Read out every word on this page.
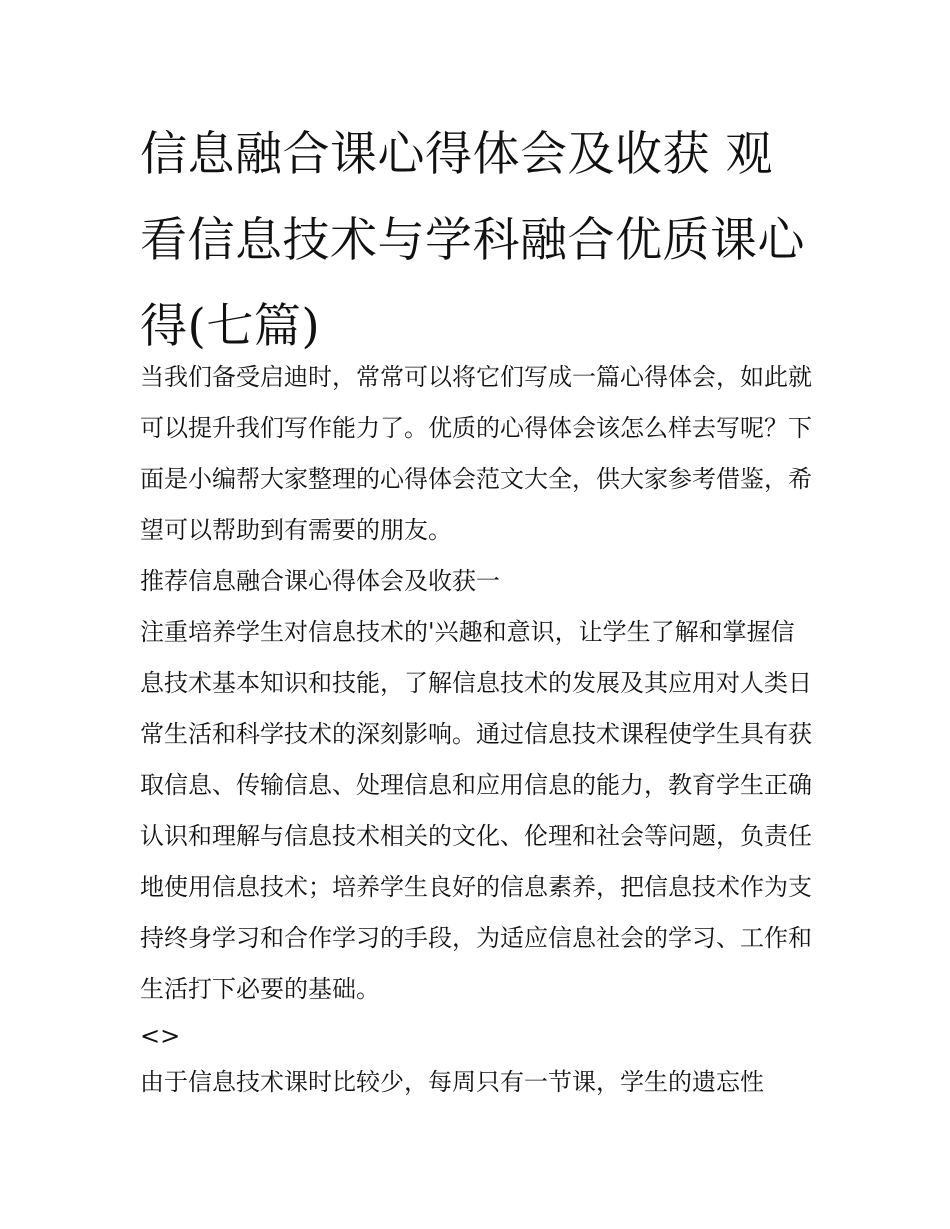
信息融合课心得体会及收获 观看信息技术与学科融合优质课心得(七篇)

当我们备受启迪时，常常可以将它们写成一篇心得体会，如此就可以提升我们写作能力了。优质的心得体会该怎么样去写呢？下面是小编帮大家整理的心得体会范文大全，供大家参考借鉴，希望可以帮助到有需要的朋友。

推荐信息融合课心得体会及收获一

注重培养学生对信息技术的'兴趣和意识，让学生了解和掌握信息技术基本知识和技能，了解信息技术的发展及其应用对人类日常生活和科学技术的深刻影响。通过信息技术课程使学生具有获取信息、传输信息、处理信息和应用信息的能力，教育学生正确认识和理解与信息技术相关的文化、伦理和社会等问题，负责任地使用信息技术；培养学生良好的信息素养，把信息技术作为支持终身学习和合作学习的手段，为适应信息社会的学习、工作和生活打下必要的基础。

<>

由于信息技术课时比较少，每周只有一节课，学生的遗忘性
